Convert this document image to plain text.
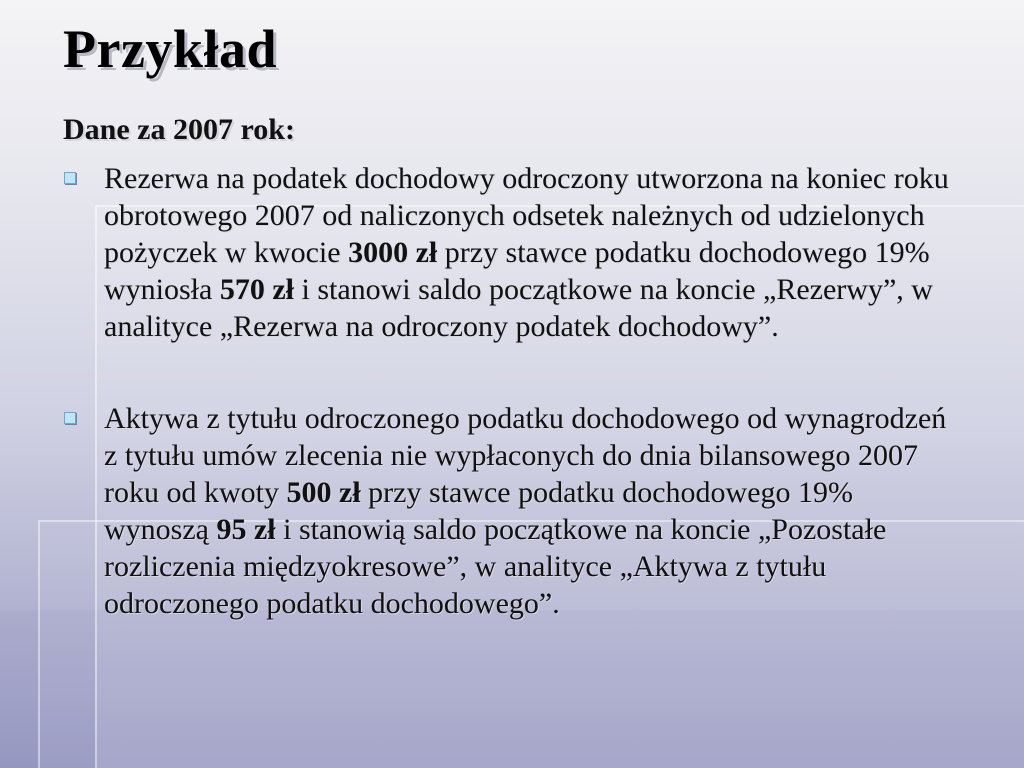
Przykład
Dane za 2007 rok:
Rezerwa na podatek dochodowy odroczony utworzona na koniec roku obrotowego 2007 od naliczonych odsetek należnych od udzielonych pożyczek w kwocie 3000 zł przy stawce podatku dochodowego 19% wyniosła 570 zł i stanowi saldo początkowe na koncie „Rezerwy”, w analityce „Rezerwa na odroczony podatek dochodowy”.
Aktywa z tytułu odroczonego podatku dochodowego od wynagrodzeń z tytułu umów zlecenia nie wypłaconych do dnia bilansowego 2007 roku od kwoty 500 zł przy stawce podatku dochodowego 19% wynoszą 95 zł i stanowią saldo początkowe na koncie „Pozostałe rozliczenia międzyokresowe”, w analityce „Aktywa z tytułu odroczonego podatku dochodowego”.
